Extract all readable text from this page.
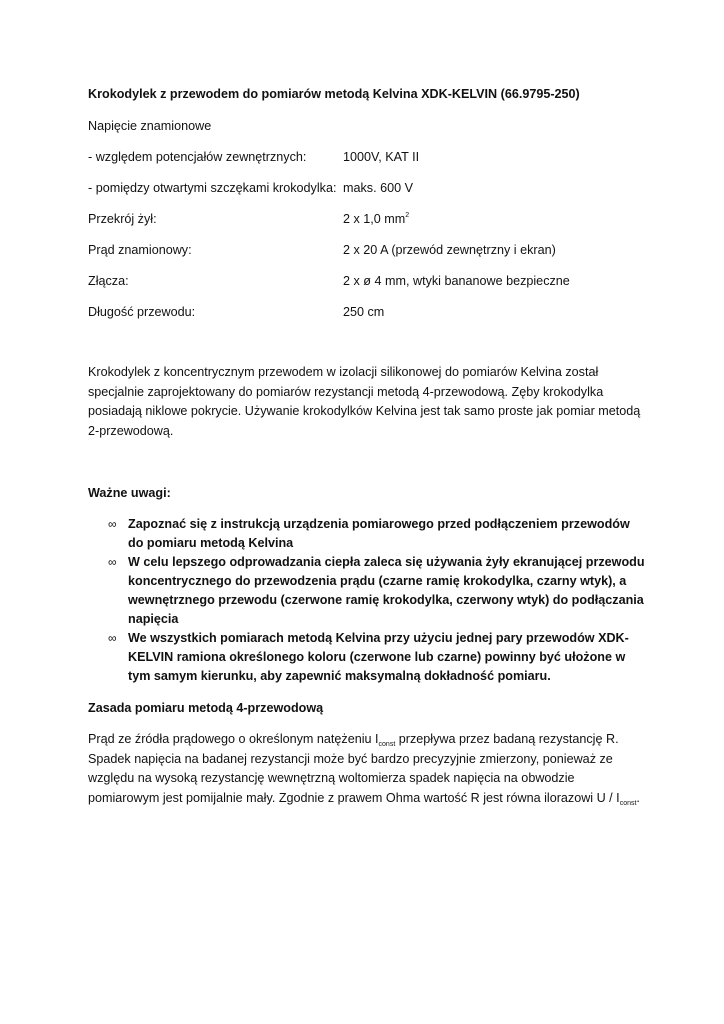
Krokodylek z przewodem do pomiarów metodą Kelvina XDK-KELVIN (66.9795-250)

Napięcie znamionowe

- względem potencjałów zewnętrznych:	1000V, KAT II
- pomiędzy otwartymi szczękami krokodylka: maks. 600 V
Przekrój żył:	2 x 1,0 $mm^2$
Prąd znamionowy:	2 x 20 A (przewód zewnętrzny i ekran)
Złącza:	2 x ø 4 mm, wtyki bananowe bezpieczne
Długość przewodu:	250 cm

Krokodylek z koncentrycznym przewodem w izolacji silikonowej do pomiarów Kelvina został specjalnie zaprojektowany do pomiarów rezystancji metodą 4-przewodową. Zęby krokodylka posiadają niklowe pokrycie. Używanie krokodylków Kelvina jest tak samo proste jak pomiar metodą 2-przewodową.

Ważne uwagi:

∞ Zapoznać się z instrukcją urządzenia pomiarowego przed podłączeniem przewodów do pomiaru metodą Kelvina
∞ W celu lepszego odprowadzania ciepła zaleca się używania żyły ekranującej przewodu koncentrycznego do przewodzenia prądu (czarne ramię krokodylka, czarny wtyk), a wewnętrznego przewodu (czerwone ramię krokodylka, czerwony wtyk) do podłączania napięcia
∞ We wszystkich pomiarach metodą Kelvina przy użyciu jednej pary przewodów XDK-KELVIN ramiona określonego koloru (czerwone lub czarne) powinny być ułożone w tym samym kierunku, aby zapewnić maksymalną dokładność pomiaru.

Zasada pomiaru metodą 4-przewodową

Prąd ze źródła prądowego o określonym natężeniu $I_{const}$ przepływa przez badaną rezystancję R. Spadek napięcia na badanej rezystancji może być bardzo precyzyjnie zmierzony, ponieważ ze względu na wysoką rezystancję wewnętrzną woltomierza spadek napięcia na obwodzie pomiarowym jest pomijalnie mały. Zgodnie z prawem Ohma wartość R jest równa ilorazowi U / $I_{const}$.
